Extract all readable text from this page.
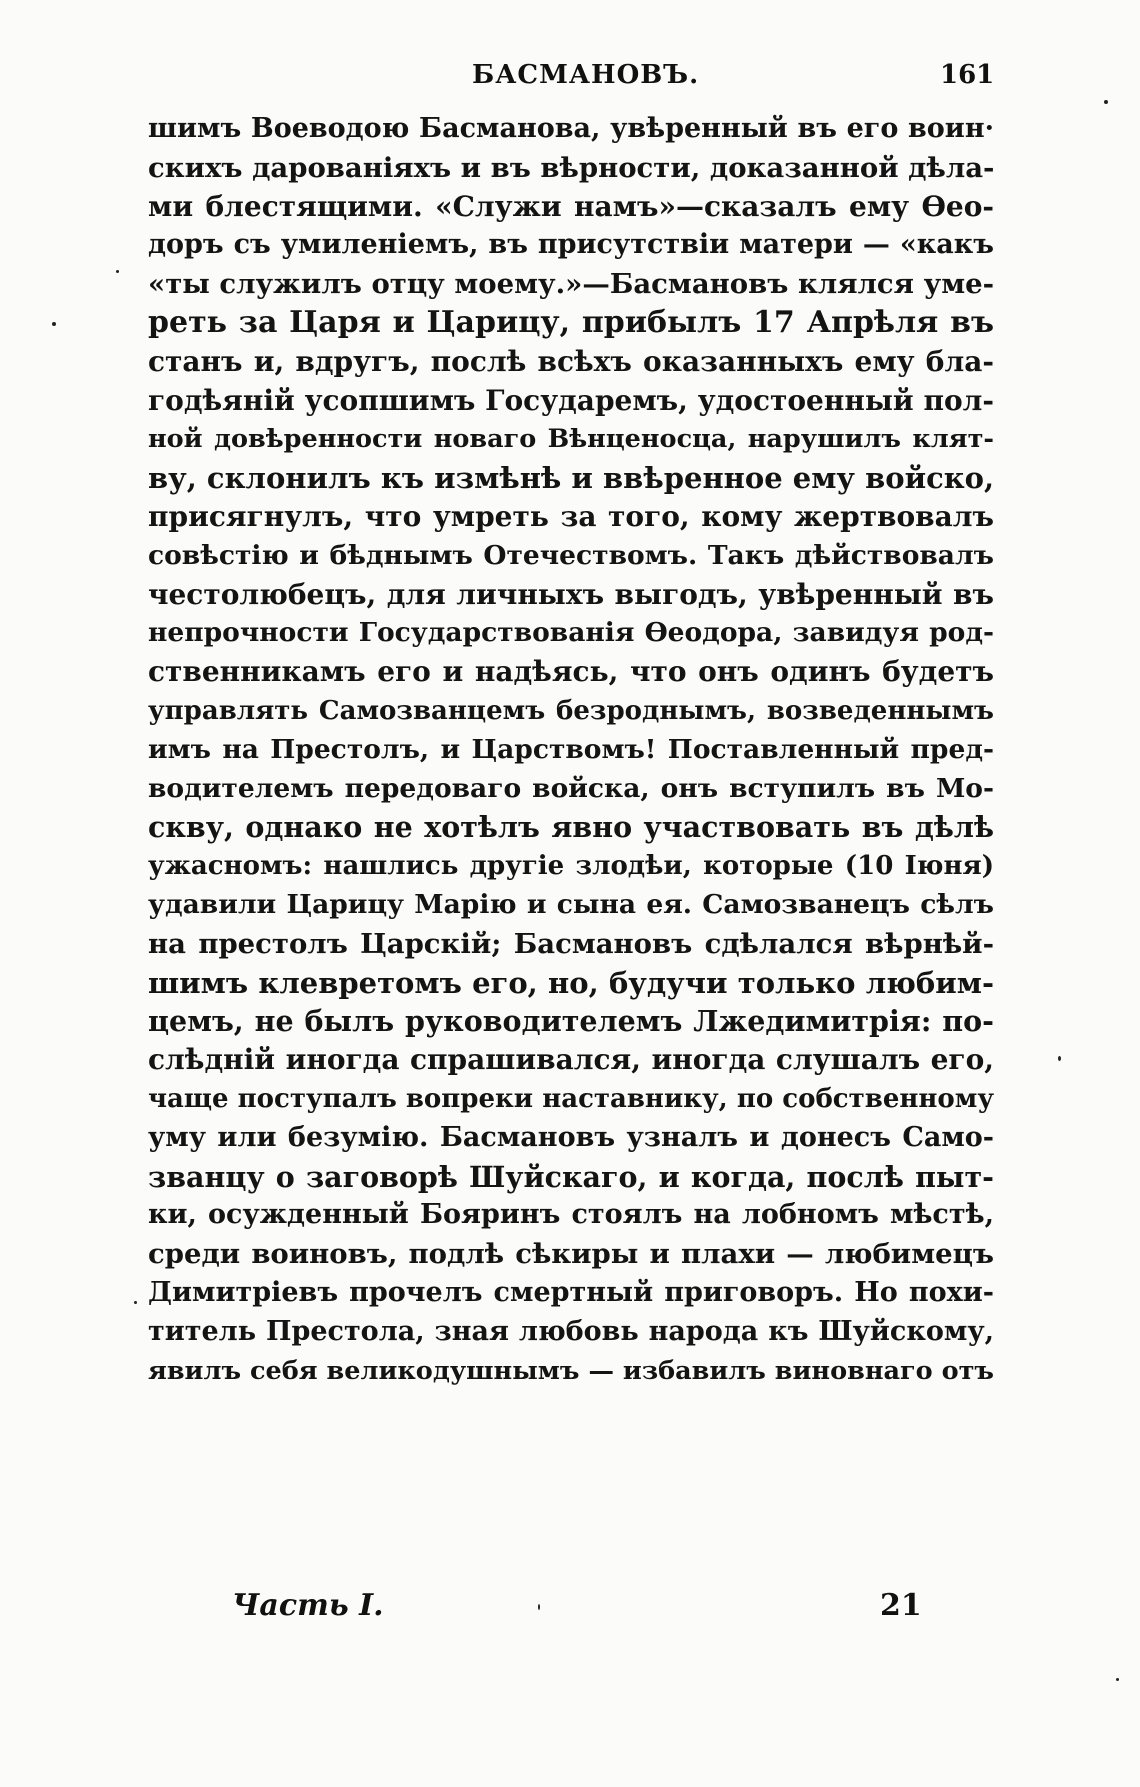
БАСМАНОВЪ.	161
шимъ Воеводою Басманова, увѣренный въ его воин·
скихъ дарованіяхъ и въ вѣрности, доказанной дѣла-
ми блестящими. «Служи намъ»—сказалъ ему Ѳео-
доръ съ умиленіемъ, въ присутствіи матери — «какъ
«ты служилъ отцу моему.»—Басмановъ клялся уме-
реть за Царя и Царицу, прибылъ 17 Апрѣля въ
станъ и, вдругъ, послѣ всѣхъ оказанныхъ ему бла-
годѣяній усопшимъ Государемъ, удостоенный пол-
ной довѣренности новаго Вѣнценосца, нарушилъ клят-
ву, склонилъ къ измѣнѣ и ввѣренное ему войско,
присягнулъ, что умреть за того, кому жертвовалъ
совѣстію и бѣднымъ Отечествомъ. Такъ дѣйствовалъ
честолюбецъ, для личныхъ выгодъ, увѣренный въ
непрочности Государствованія Ѳеодора, завидуя род-
ственникамъ его и надѣясь, что онъ одинъ будетъ
управлять Самозванцемъ безроднымъ, возведеннымъ
имъ на Престолъ, и Царствомъ! Поставленный пред-
водителемъ передоваго войска, онъ вступилъ въ Мо-
скву, однако не хотѣлъ явно участвовать въ дѣлѣ
ужасномъ: нашлись другіе злодѣи, которые (10 Іюня)
удавили Царицу Марію и сына ея. Самозванецъ сѣлъ
на престолъ Царскій; Басмановъ сдѣлался вѣрнѣй-
шимъ клевретомъ его, но, будучи только любим-
цемъ, не былъ руководителемъ Лжедимитрія: по-
слѣдній иногда спрашивался, иногда слушалъ его,
чаще поступалъ вопреки наставнику, по собственному
уму или безумію. Басмановъ узналъ и донесъ Само-
званцу о заговорѣ Шуйскаго, и когда, послѣ пыт-
ки, осужденный Бояринъ стоялъ на лобномъ мѣстѣ,
среди воиновъ, подлѣ сѣкиры и плахи — любимецъ
Димитріевъ прочелъ смертный приговоръ. Но похи-
титель Престола, зная любовь народа къ Шуйскому,
явилъ себя великодушнымъ — избавилъ виновнаго отъ
Часть I.	21
